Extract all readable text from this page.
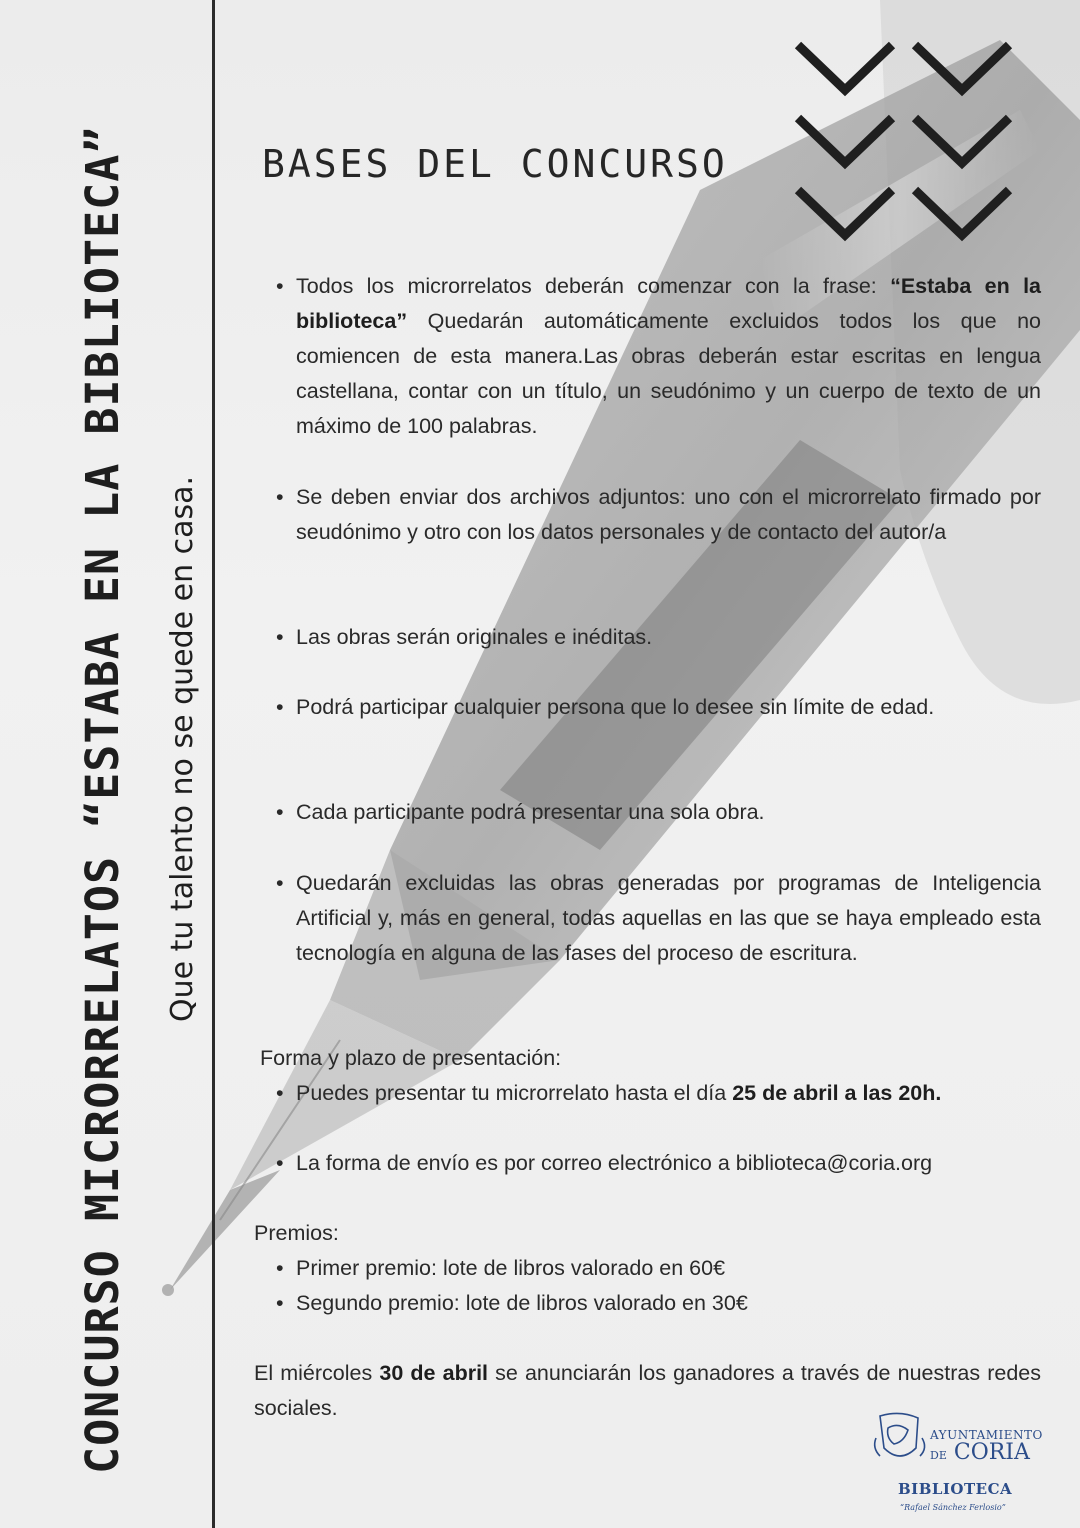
CONCURSO MICRORRELATOS “ESTABA EN LA BIBLIOTECA” Que tu talento no se quede en casa.
BASES DEL CONCURSO
• Todos los microrrelatos deberán comenzar con la frase: “Estaba en la biblioteca” Quedarán automáticamente excluidos todos los que no comiencen de esta manera.Las obras deberán estar escritas en lengua castellana, contar con un título, un seudónimo y un cuerpo de texto de un máximo de 100 palabras.
• Se deben enviar dos archivos adjuntos: uno con el microrrelato firmado por seudónimo y otro con los datos personales y de contacto del autor/a
• Las obras serán originales e inéditas.
• Podrá participar cualquier persona que lo desee sin límite de edad.
• Cada participante podrá presentar una sola obra.
• Quedarán excluidas las obras generadas por programas de Inteligencia Artificial y, más en general, todas aquellas en las que se haya empleado esta tecnología en alguna de las fases del proceso de escritura.
Forma y plazo de presentación:
• Puedes presentar tu microrrelato hasta el día 25 de abril a las 20h.
• La forma de envío es por correo electrónico a biblioteca@coria.org
Premios:
• Primer premio: lote de libros valorado en 60€
• Segundo premio: lote de libros valorado en 30€
El miércoles 30 de abril se anunciarán los ganadores a través de nuestras redes sociales.
AYUNTAMIENTO
DE CORIA
BIBLIOTECA
“Rafael Sánchez Ferlosio”
